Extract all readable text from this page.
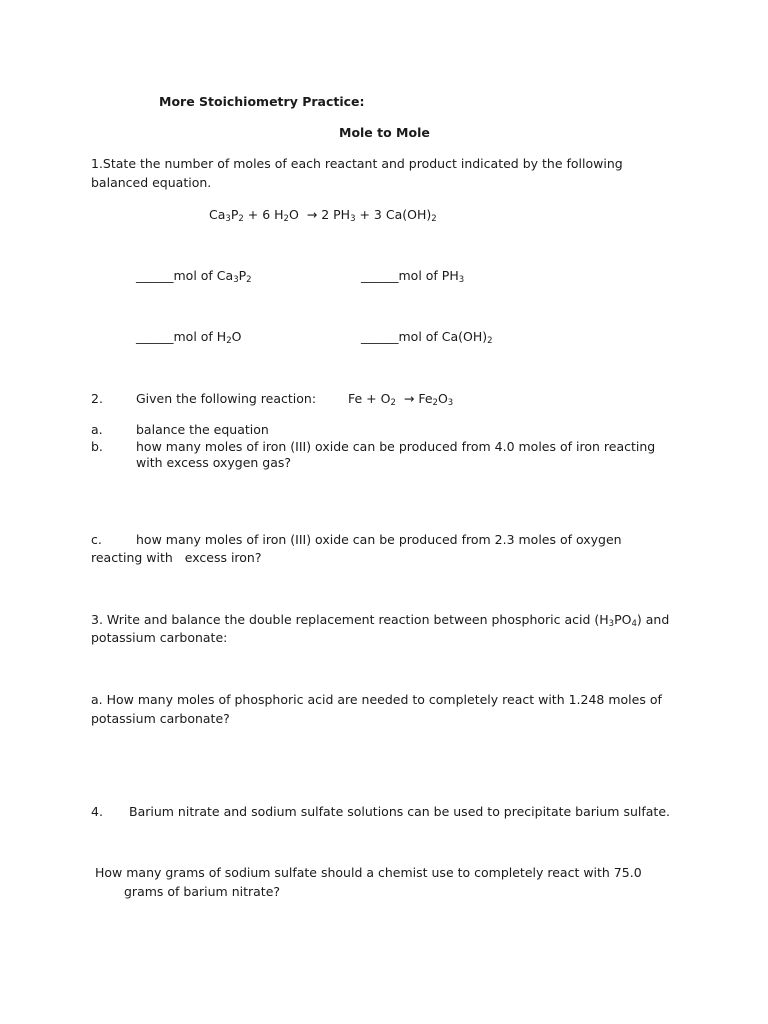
More Stoichiometry Practice:
Mole to Mole
1.State the number of moles of each reactant and product indicated by the following
balanced equation.
$Ca_3P_2 + 6$ $H_2O \to 2$ $PH_3 + 3$ $Ca(OH)_2$
______mol of $Ca_3P_2$	______mol of $PH_3$
______mol of $H_2O$	______mol of $Ca(OH)_2$
2.	Given the following reaction:	$Fe + O_2 \to Fe_2O_3$
a.	balance the equation
b.	how many moles of iron (III) oxide can be produced from 4.0 moles of iron reacting
with excess oxygen gas?
c.	how many moles of iron (III) oxide can be produced from 2.3 moles of oxygen
reacting with   excess iron?
3. Write and balance the double replacement reaction between phosphoric acid $(H_3PO_4)$ and
potassium carbonate:
a. How many moles of phosphoric acid are needed to completely react with 1.248 moles of
potassium carbonate?
4. Barium nitrate and sodium sulfate solutions can be used to precipitate barium sulfate.
How many grams of sodium sulfate should a chemist use to completely react with 75.0
grams of barium nitrate?
